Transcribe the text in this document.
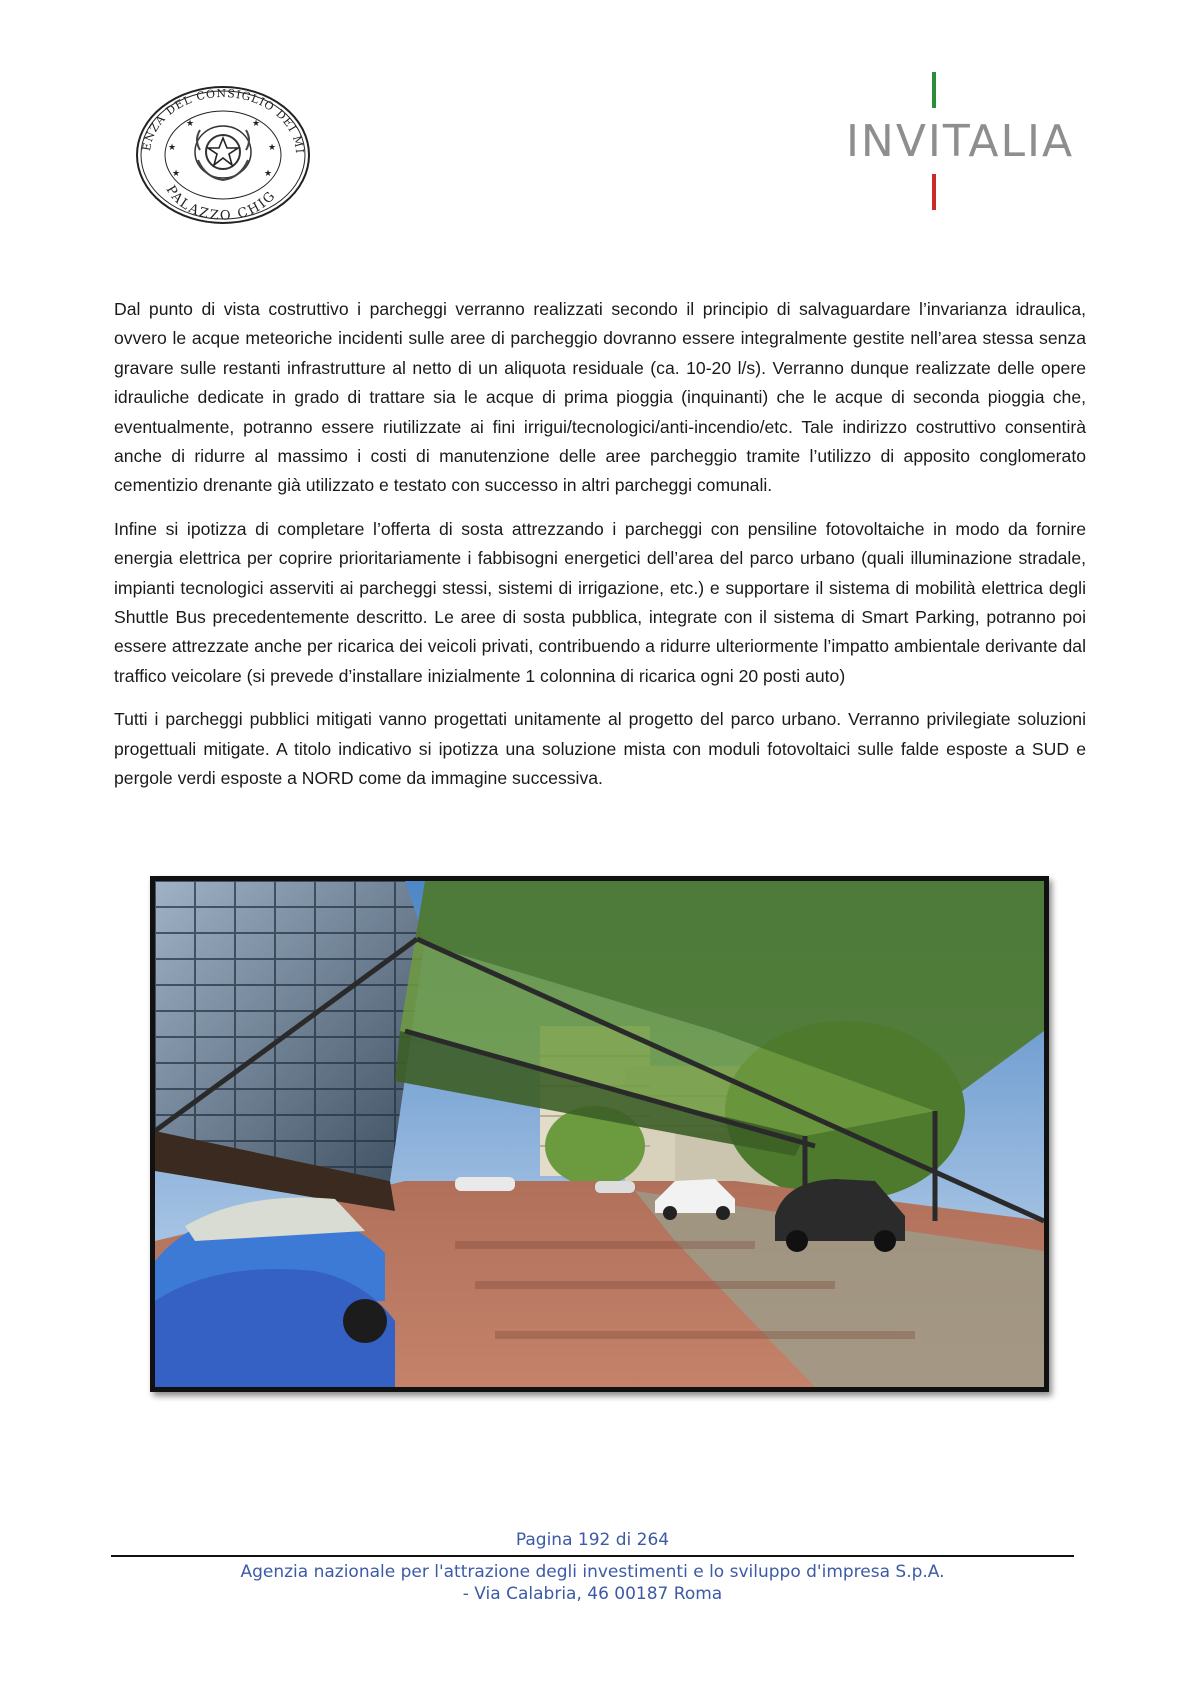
ENZA DEL CONSIGLIO DEI MI
PALAZZO CHIG
★
★
★
★
★	★	INVITALIA

Dal punto di vista costruttivo i parcheggi verranno realizzati secondo il principio di salvaguardare l’invarianza idraulica, ovvero le acque meteoriche incidenti sulle aree di parcheggio dovranno essere integralmente gestite nell’area stessa senza gravare sulle restanti infrastrutture al netto di un aliquota residuale (ca. 10-20 l/s). Verranno dunque realizzate delle opere idrauliche dedicate in grado di trattare sia le acque di prima pioggia (inquinanti) che le acque di seconda pioggia che, eventualmente, potranno essere riutilizzate ai fini irrigui/tecnologici/anti-incendio/etc. Tale indirizzo costruttivo consentirà anche di ridurre al massimo i costi di manutenzione delle aree parcheggio tramite l’utilizzo di apposito conglomerato cementizio drenante già utilizzato e testato con successo in altri parcheggi comunali.

Infine si ipotizza di completare l’offerta di sosta attrezzando i parcheggi con pensiline fotovoltaiche in modo da fornire energia elettrica per coprire prioritariamente i fabbisogni energetici dell’area del parco urbano (quali illuminazione stradale, impianti tecnologici asserviti ai parcheggi stessi, sistemi di irrigazione, etc.) e supportare il sistema di mobilità elettrica degli Shuttle Bus precedentemente descritto. Le aree di sosta pubblica, integrate con il sistema di Smart Parking, potranno poi essere attrezzate anche per ricarica dei veicoli privati, contribuendo a ridurre ulteriormente l’impatto ambientale derivante dal traffico veicolare (si prevede d’installare inizialmente 1 colonnina di ricarica ogni 20 posti auto)

Tutti i parcheggi pubblici mitigati vanno progettati unitamente al progetto del parco urbano. Verranno privilegiate soluzioni progettuali mitigate. A titolo indicativo si ipotizza una soluzione mista con moduli fotovoltaici sulle falde esposte a SUD e pergole verdi esposte a NORD come da immagine successiva.

Pagina 192 di 264
Agenzia nazionale per l'attrazione degli investimenti e lo sviluppo d'impresa S.p.A.
- Via Calabria, 46 00187 Roma
